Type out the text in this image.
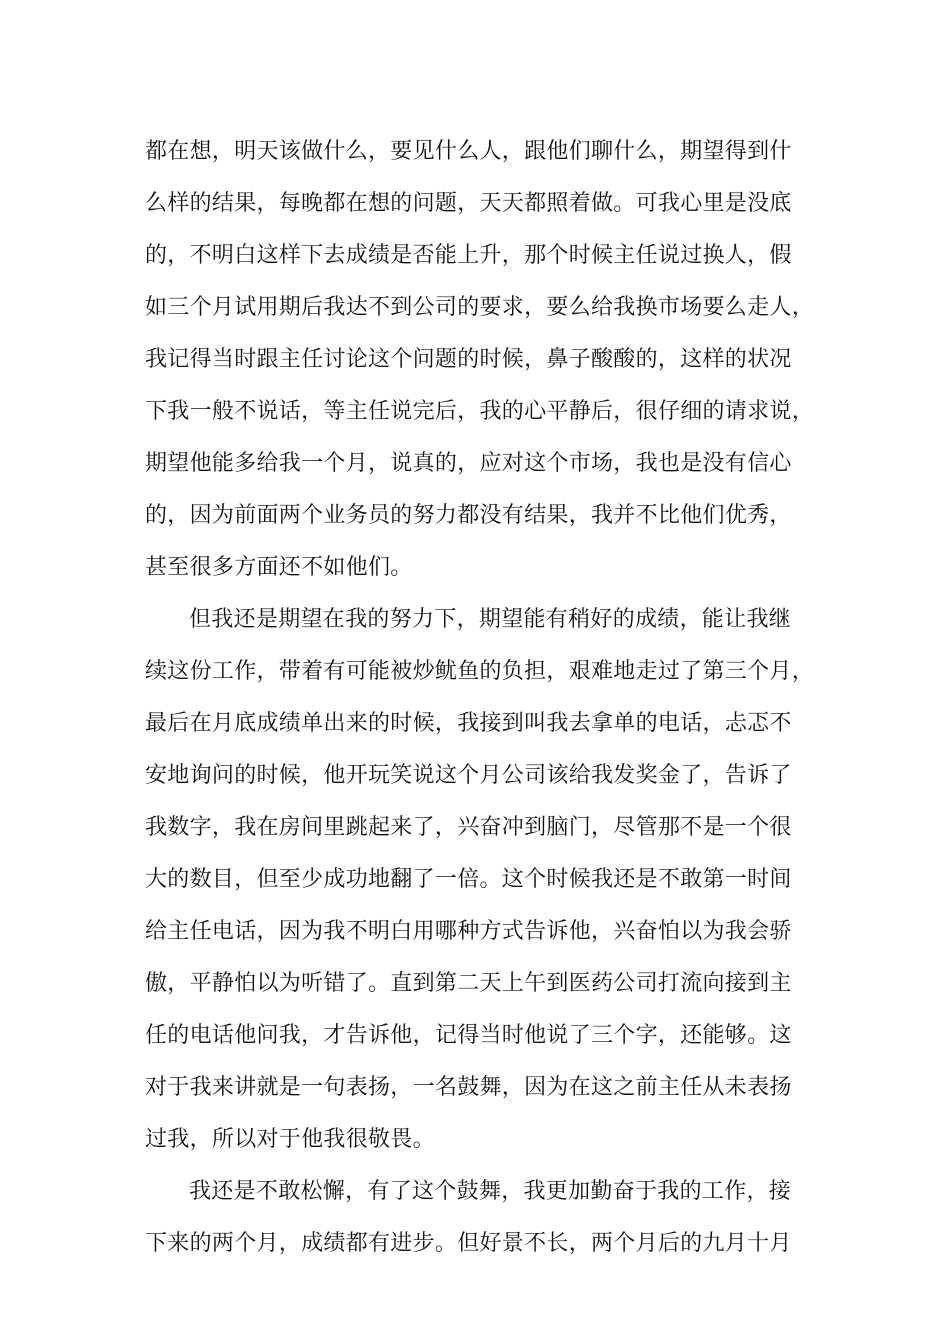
都在想，明天该做什么，要见什么人，跟他们聊什么，期望得到什
么样的结果，每晚都在想的问题，天天都照着做。可我心里是没底
的，不明白这样下去成绩是否能上升，那个时候主任说过换人，假
如三个月试用期后我达不到公司的要求，要么给我换市场要么走人，
我记得当时跟主任讨论这个问题的时候，鼻子酸酸的，这样的状况
下我一般不说话，等主任说完后，我的心平静后，很仔细的请求说，
期望他能多给我一个月，说真的，应对这个市场，我也是没有信心
的，因为前面两个业务员的努力都没有结果，我并不比他们优秀，
甚至很多方面还不如他们。
但我还是期望在我的努力下，期望能有稍好的成绩，能让我继
续这份工作，带着有可能被炒鱿鱼的负担，艰难地走过了第三个月，
最后在月底成绩单出来的时候，我接到叫我去拿单的电话，忐忑不
安地询问的时候，他开玩笑说这个月公司该给我发奖金了，告诉了
我数字，我在房间里跳起来了，兴奋冲到脑门，尽管那不是一个很
大的数目，但至少成功地翻了一倍。这个时候我还是不敢第一时间
给主任电话，因为我不明白用哪种方式告诉他，兴奋怕以为我会骄
傲，平静怕以为听错了。直到第二天上午到医药公司打流向接到主
任的电话他问我，才告诉他，记得当时他说了三个字，还能够。这
对于我来讲就是一句表扬，一名鼓舞，因为在这之前主任从未表扬
过我，所以对于他我很敬畏。
我还是不敢松懈，有了这个鼓舞，我更加勤奋于我的工作，接
下来的两个月，成绩都有进步。但好景不长，两个月后的九月十月
